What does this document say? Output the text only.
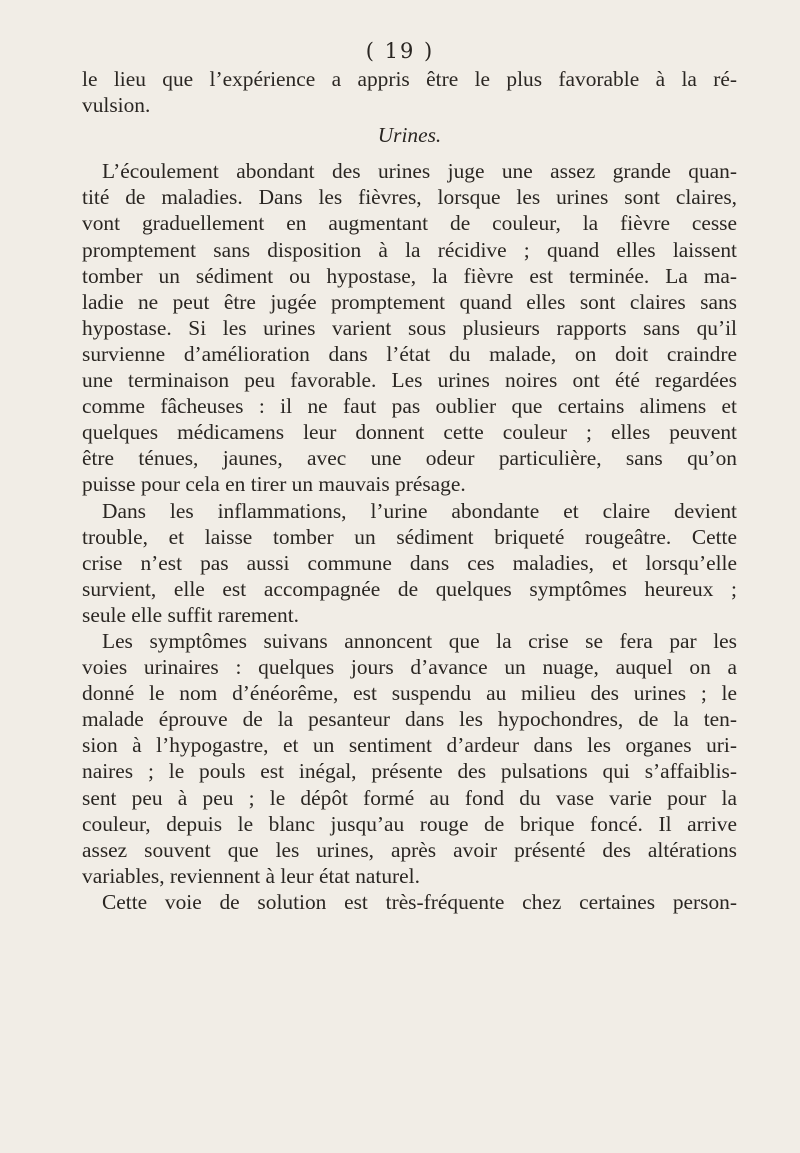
( 19 )
le lieu que l’expérience a appris être le plus favorable à la ré-
vulsion.
Urines.
L’écoulement abondant des urines juge une assez grande quan-
tité de maladies. Dans les fièvres, lorsque les urines sont claires,
vont graduellement en augmentant de couleur, la fièvre cesse
promptement sans disposition à la récidive ; quand elles laissent
tomber un sédiment ou hypostase, la fièvre est terminée. La ma-
ladie ne peut être jugée promptement quand elles sont claires sans
hypostase. Si les urines varient sous plusieurs rapports sans qu’il
survienne d’amélioration dans l’état du malade, on doit craindre
une terminaison peu favorable. Les urines noires ont été regardées
comme fâcheuses : il ne faut pas oublier que certains alimens et
quelques médicamens leur donnent cette couleur ; elles peuvent
être ténues, jaunes, avec une odeur particulière, sans qu’on
puisse pour cela en tirer un mauvais présage.
Dans les inflammations, l’urine abondante et claire devient
trouble, et laisse tomber un sédiment briqueté rougeâtre. Cette
crise n’est pas aussi commune dans ces maladies, et lorsqu’elle
survient, elle est accompagnée de quelques symptômes heureux ;
seule elle suffit rarement.
Les symptômes suivans annoncent que la crise se fera par les
voies urinaires : quelques jours d’avance un nuage, auquel on a
donné le nom d’énéorême, est suspendu au milieu des urines ; le
malade éprouve de la pesanteur dans les hypochondres, de la ten-
sion à l’hypogastre, et un sentiment d’ardeur dans les organes uri-
naires ; le pouls est inégal, présente des pulsations qui s’affaiblis-
sent peu à peu ; le dépôt formé au fond du vase varie pour la
couleur, depuis le blanc jusqu’au rouge de brique foncé. Il arrive
assez souvent que les urines, après avoir présenté des altérations
variables, reviennent à leur état naturel.
Cette voie de solution est très-fréquente chez certaines person-
